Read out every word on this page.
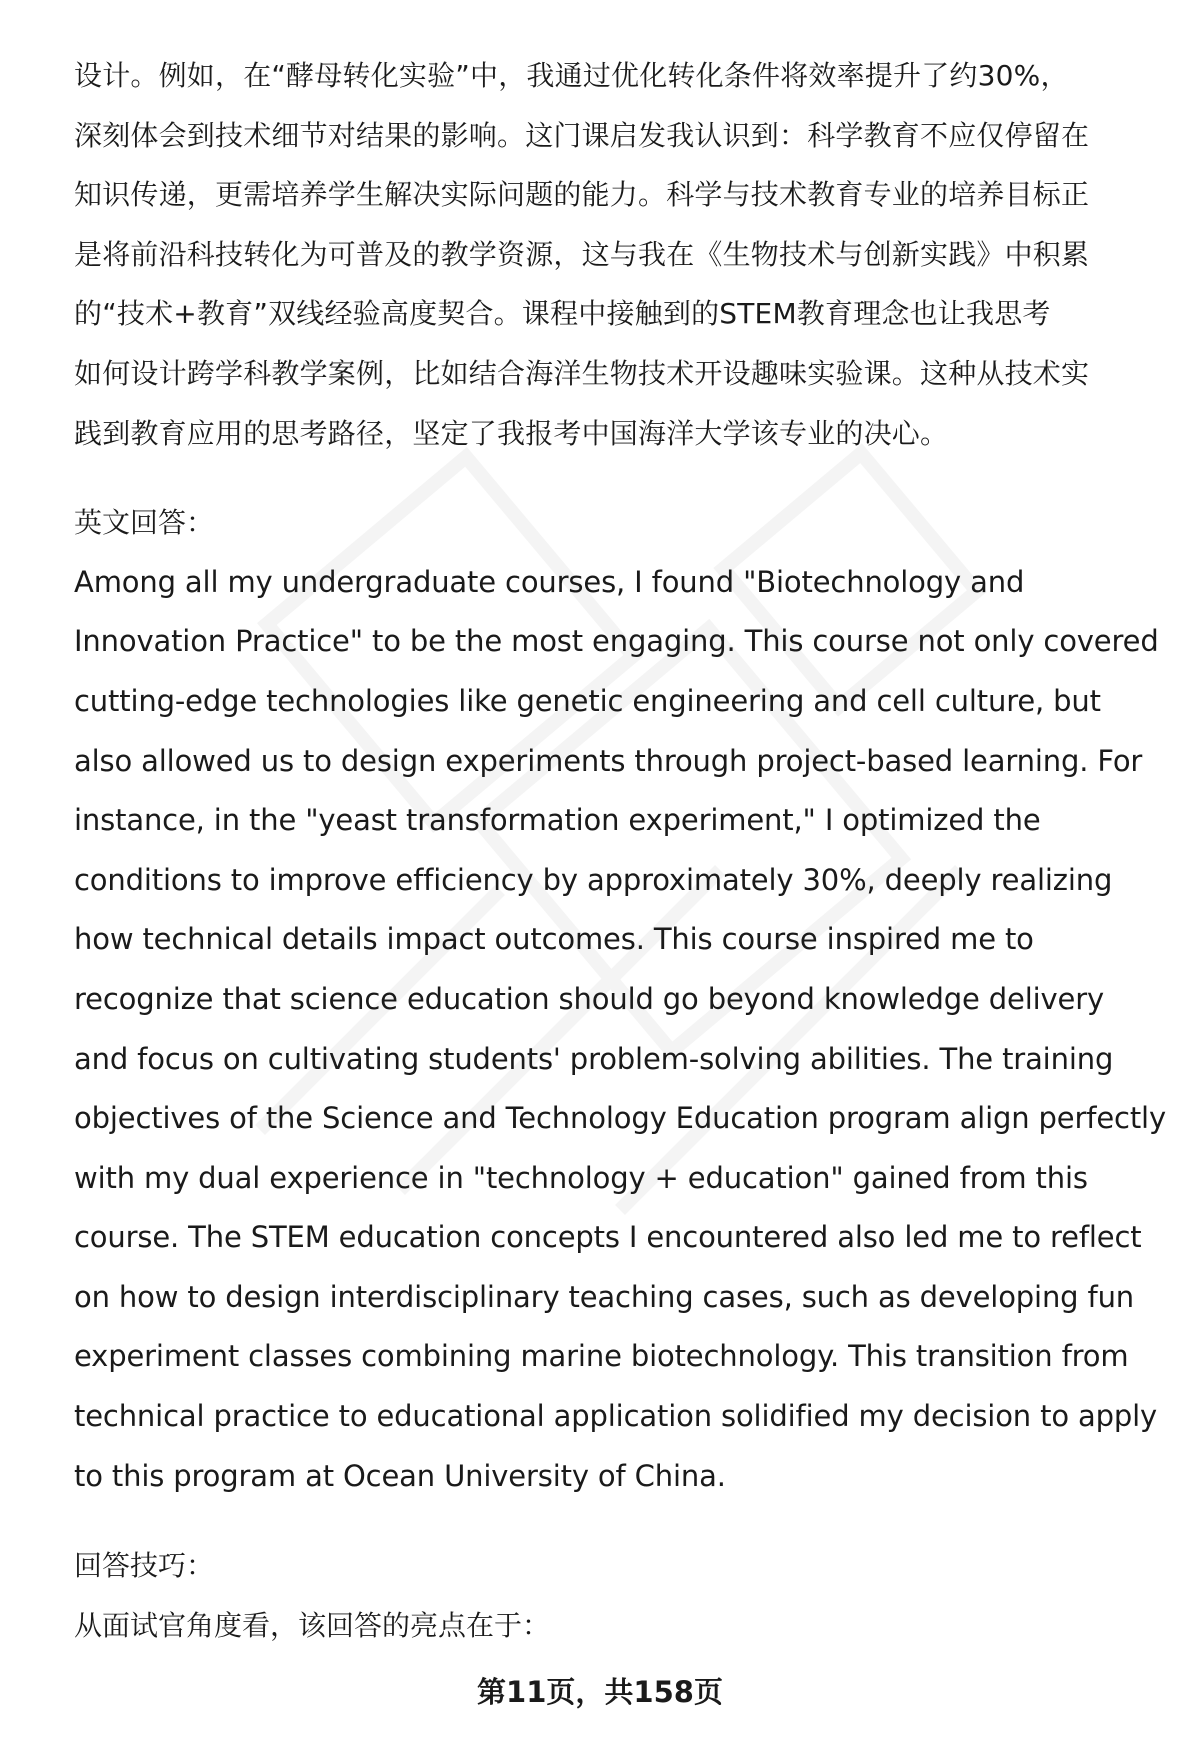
设计。例如，在“酵母转化实验”中，我通过优化转化条件将效率提升了约30%，

深刻体会到技术细节对结果的影响。这门课启发我认识到：科学教育不应仅停留在

知识传递，更需培养学生解决实际问题的能力。科学与技术教育专业的培养目标正

是将前沿科技转化为可普及的教学资源，这与我在《生物技术与创新实践》中积累

的“技术+教育”双线经验高度契合。课程中接触到的STEM教育理念也让我思考

如何设计跨学科教学案例，比如结合海洋生物技术开设趣味实验课。这种从技术实

践到教育应用的思考路径，坚定了我报考中国海洋大学该专业的决心。

英文回答：

Among all my undergraduate courses, I found "Biotechnology and

Innovation Practice" to be the most engaging. This course not only covered

cutting-edge technologies like genetic engineering and cell culture, but

also allowed us to design experiments through project-based learning. For

instance, in the "yeast transformation experiment," I optimized the

conditions to improve efficiency by approximately 30%, deeply realizing

how technical details impact outcomes. This course inspired me to

recognize that science education should go beyond knowledge delivery

and focus on cultivating students' problem-solving abilities. The training

objectives of the Science and Technology Education program align perfectly

with my dual experience in "technology + education" gained from this

course. The STEM education concepts I encountered also led me to reflect

on how to design interdisciplinary teaching cases, such as developing fun

experiment classes combining marine biotechnology. This transition from

technical practice to educational application solidified my decision to apply

to this program at Ocean University of China.

回答技巧：

从面试官角度看，该回答的亮点在于：

第11页，共158页
